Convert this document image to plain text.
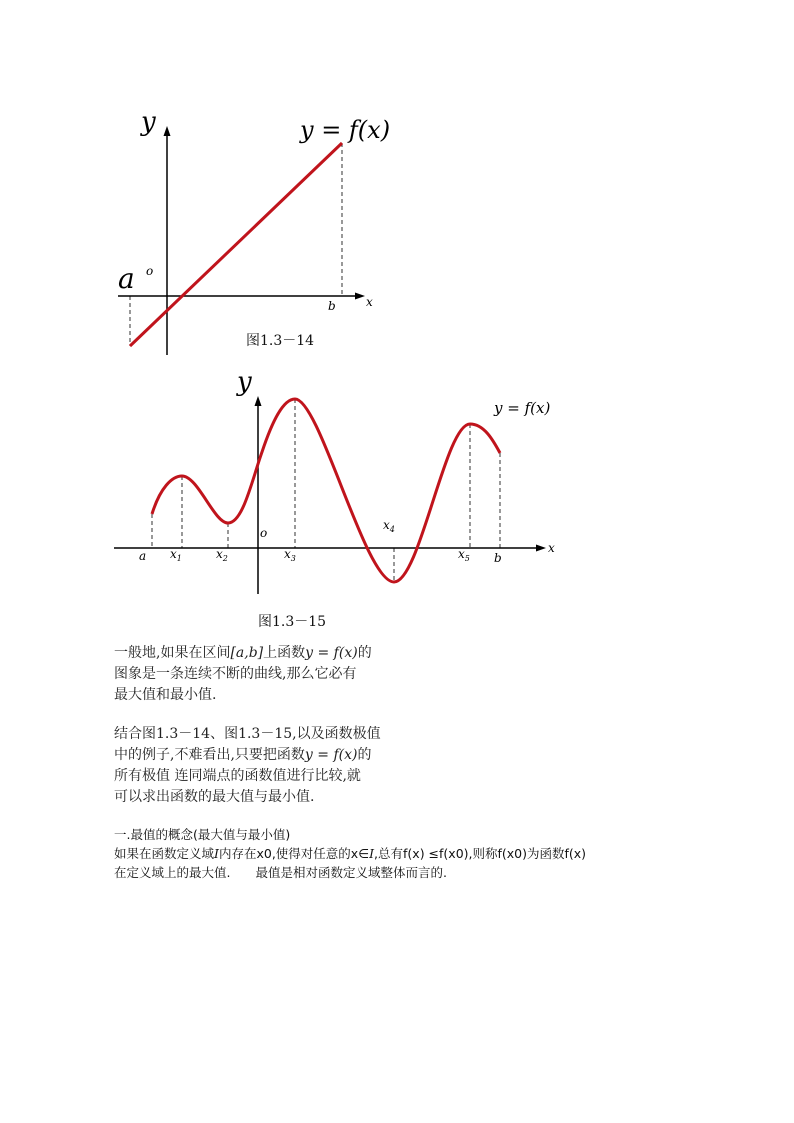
y
x
o
a
b
y = f(x)
图1.3－14
y
x
o
y = f(x)
a $x_1$	$x_2$	$x_3$
$x_4$
$x_5$ b
图1.3－15
一般地,如果在区间[a,b]上函数y = f(x)的
图象是一条连续不断的曲线,那么它必有
最大值和最小值.
结合图1.3－14、图1.3－15,以及函数极值
中的例子,不难看出,只要把函数y = f(x)的
所有极值 连同端点的函数值进行比较,就
可以求出函数的最大值与最小值.
一.最值的概念(最大值与最小值)
如果在函数定义域I内存在x0,使得对任意的x∈I,总有f(x) ≤f(x0),则称f(x0)为函数f(x)
在定义域上的最大值.　　最值是相对函数定义域整体而言的.
